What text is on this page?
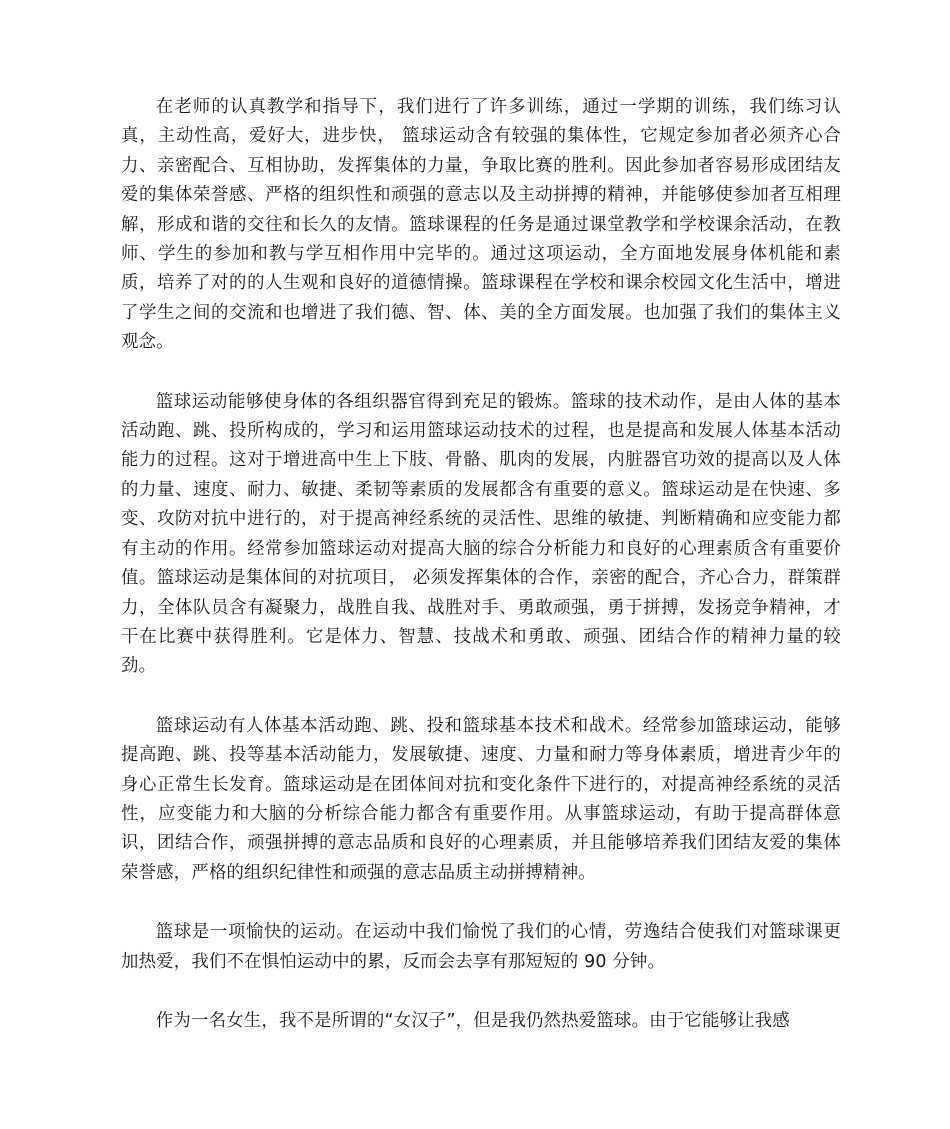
在老师的认真教学和指导下，我们进行了许多训练，通过一学期的训练，我们练习认真，主动性高，爱好大，进步快， 篮球运动含有较强的集体性，它规定参加者必须齐心合力、亲密配合、互相协助，发挥集体的力量，争取比赛的胜利。因此参加者容易形成团结友爱的集体荣誉感、严格的组织性和顽强的意志以及主动拼搏的精神，并能够使参加者互相理解，形成和谐的交往和长久的友情。篮球课程的任务是通过课堂教学和学校课余活动，在教师、学生的参加和教与学互相作用中完毕的。通过这项运动，全方面地发展身体机能和素质，培养了对的的人生观和良好的道德情操。篮球课程在学校和课余校园文化生活中，增进了学生之间的交流和也增进了我们德、智、体、美的全方面发展。也加强了我们的集体主义观念。

篮球运动能够使身体的各组织器官得到充足的锻炼。篮球的技术动作，是由人体的基本活动跑、跳、投所构成的，学习和运用篮球运动技术的过程，也是提高和发展人体基本活动能力的过程。这对于增进高中生上下肢、骨骼、肌肉的发展，内脏器官功效的提高以及人体的力量、速度、耐力、敏捷、柔韧等素质的发展都含有重要的意义。篮球运动是在快速、多变、攻防对抗中进行的，对于提高神经系统的灵活性、思维的敏捷、判断精确和应变能力都有主动的作用。经常参加篮球运动对提高大脑的综合分析能力和良好的心理素质含有重要价值。篮球运动是集体间的对抗项目， 必须发挥集体的合作，亲密的配合，齐心合力，群策群力，全体队员含有凝聚力，战胜自我、战胜对手、勇敢顽强，勇于拼搏，发扬竞争精神，才干在比赛中获得胜利。它是体力、智慧、技战术和勇敢、顽强、团结合作的精神力量的较劲。

篮球运动有人体基本活动跑、跳、投和篮球基本技术和战术。经常参加篮球运动，能够提高跑、跳、投等基本活动能力，发展敏捷、速度、力量和耐力等身体素质，增进青少年的身心正常生长发育。篮球运动是在团体间对抗和变化条件下进行的，对提高神经系统的灵活性，应变能力和大脑的分析综合能力都含有重要作用。从事篮球运动，有助于提高群体意识，团结合作，顽强拼搏的意志品质和良好的心理素质，并且能够培养我们团结友爱的集体荣誉感，严格的组织纪律性和顽强的意志品质主动拼搏精神。

篮球是一项愉快的运动。在运动中我们愉悦了我们的心情，劳逸结合使我们对篮球课更加热爱，我们不在惧怕运动中的累，反而会去享有那短短的 90 分钟。

作为一名女生，我不是所谓的“女汉子”，但是我仍然热爱篮球。由于它能够让我感
